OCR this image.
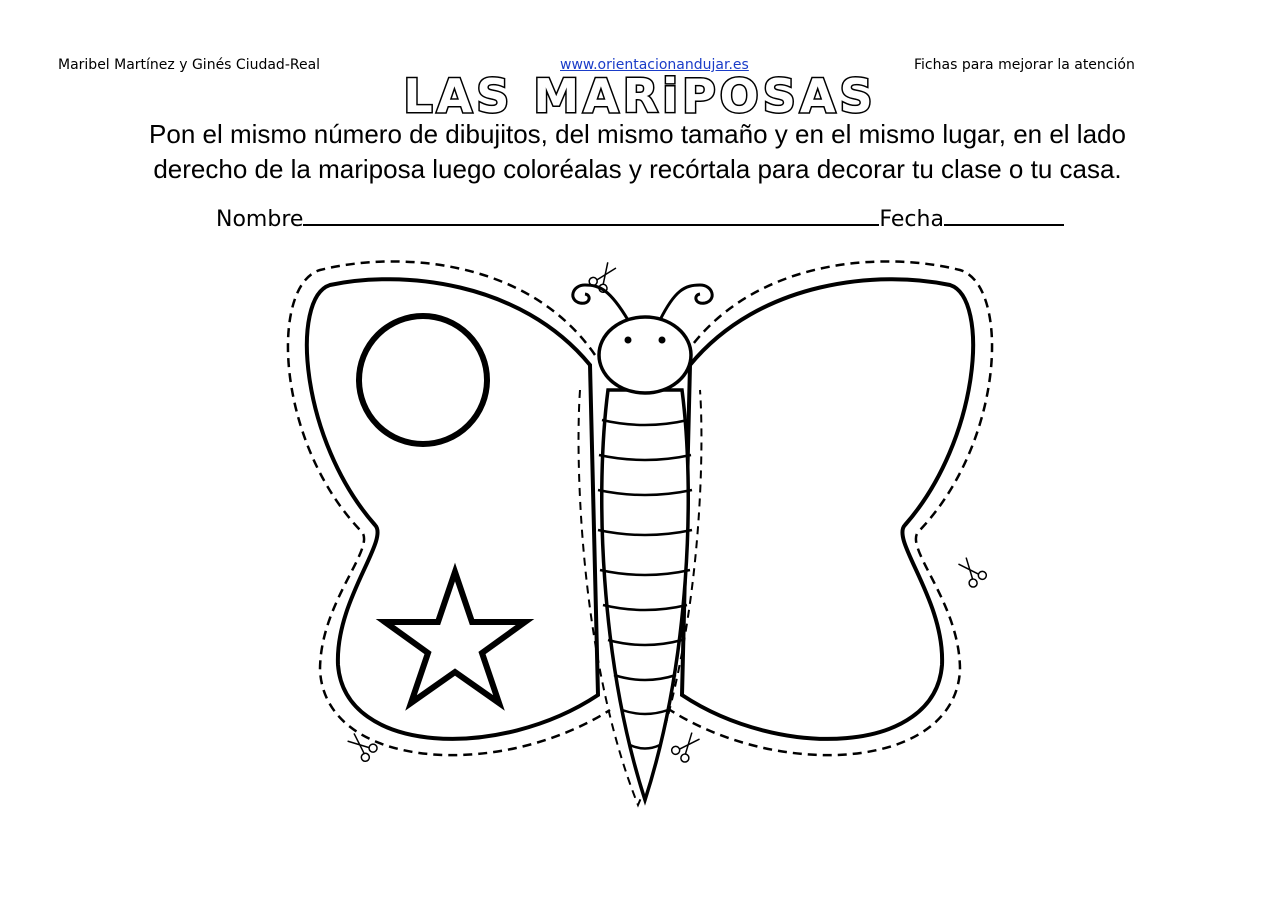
Maribel Martínez y Ginés Ciudad-Real	www.orientacionandujar.es	Fichas para mejorar la atención
LAS MARiPOSAS
Pon el mismo número de dibujitos, del mismo tamaño y en el mismo lugar, en el lado
derecho de la mariposa luego coloréalas y recórtala para decorar tu clase o tu casa.
Nombre	Fecha
